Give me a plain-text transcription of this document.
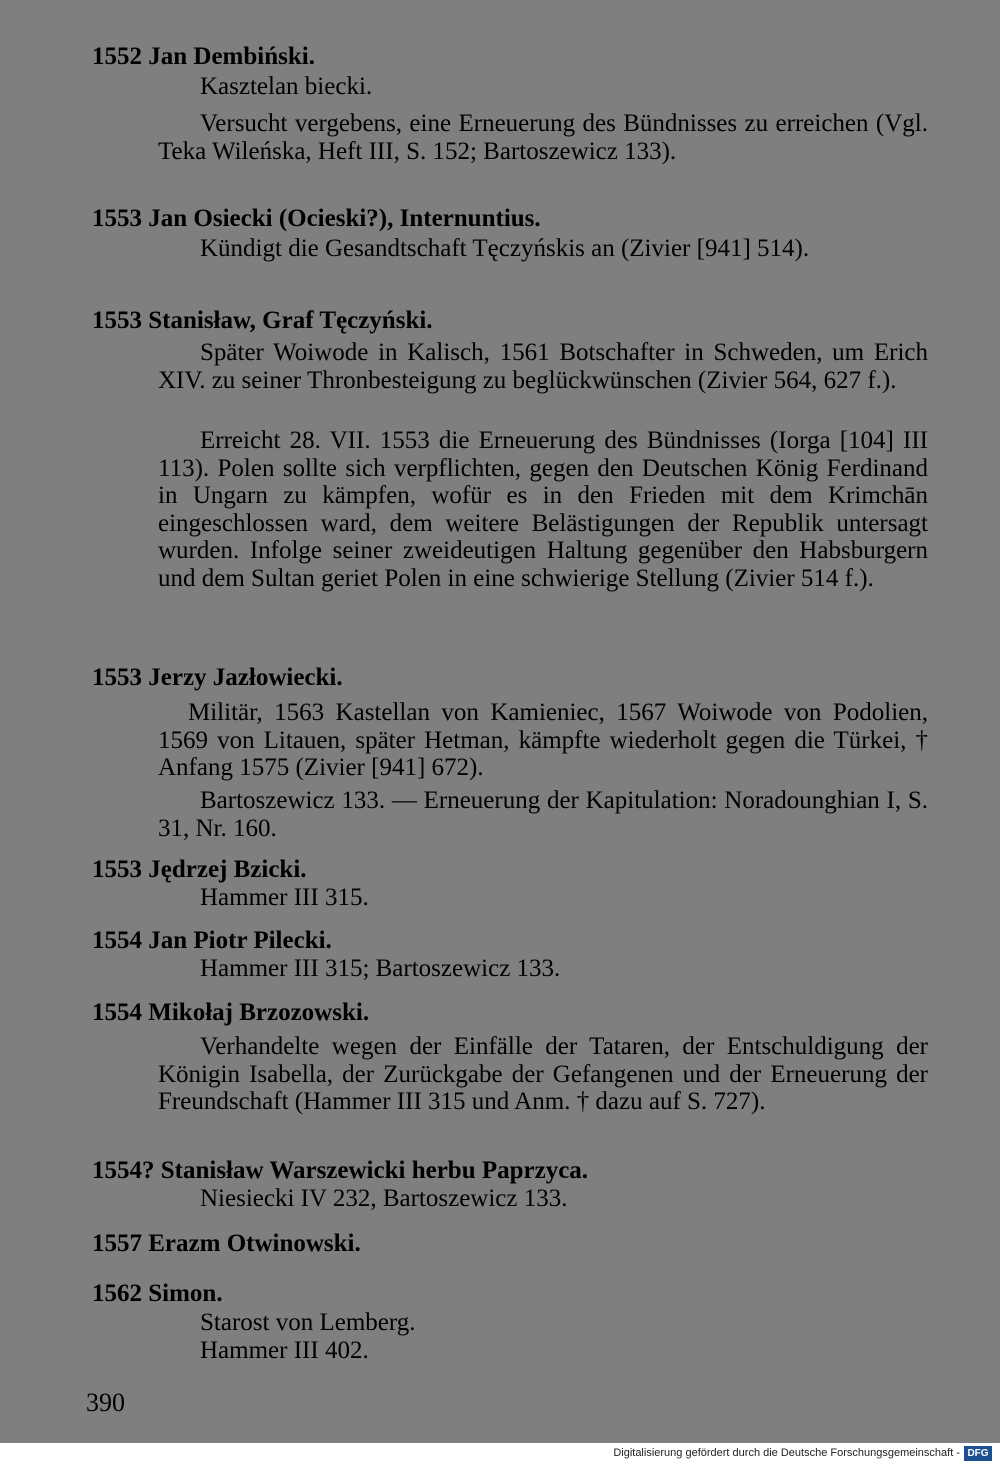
1552 Jan Dembiński.

Kasztelan biecki.

Versucht vergebens, eine Erneuerung des Bündnisses zu erreichen (Vgl. Teka Wileńska, Heft III, S. 152; Bartoszewicz 133).

1553 Jan Osiecki (Ocieski?), Internuntius.

Kündigt die Gesandtschaft Tęczyńskis an (Zivier [941] 514).

1553 Stanisław, Graf Tęczyński.

Später Woiwode in Kalisch, 1561 Botschafter in Schweden, um Erich XIV. zu seiner Thronbesteigung zu beglückwünschen (Zivier 564, 627 f.).

Erreicht 28. VII. 1553 die Erneuerung des Bündnisses (Iorga [104] III 113). Polen sollte sich verpflichten, gegen den Deutschen König Ferdinand in Ungarn zu kämpfen, wofür es in den Frieden mit dem Krimchān eingeschlossen ward, dem weitere Belästigungen der Republik untersagt wurden. Infolge seiner zweideutigen Haltung gegenüber den Habsburgern und dem Sultan geriet Polen in eine schwierige Stellung (Zivier 514 f.).

1553 Jerzy Jazłowiecki.

Militär, 1563 Kastellan von Kamieniec, 1567 Woiwode von Podolien, 1569 von Litauen, später Hetman, kämpfte wiederholt gegen die Türkei, † Anfang 1575 (Zivier [941] 672).

Bartoszewicz 133. — Erneuerung der Kapitulation: Noradounghian I, S. 31, Nr. 160.

1553 Jędrzej Bzicki.

Hammer III 315.

1554 Jan Piotr Pilecki.

Hammer III 315; Bartoszewicz 133.

1554 Mikołaj Brzozowski.

Verhandelte wegen der Einfälle der Tataren, der Entschuldigung der Königin Isabella, der Zurückgabe der Gefangenen und der Erneuerung der Freundschaft (Hammer III 315 und Anm. † dazu auf S. 727).

1554? Stanisław Warszewicki herbu Paprzyca.

Niesiecki IV 232, Bartoszewicz 133.

1557 Erazm Otwinowski.
1562 Simon.

Starost von Lemberg.

Hammer III 402.

390
Digitalisierung gefördert durch die Deutsche Forschungsgemeinschaft - DFG
